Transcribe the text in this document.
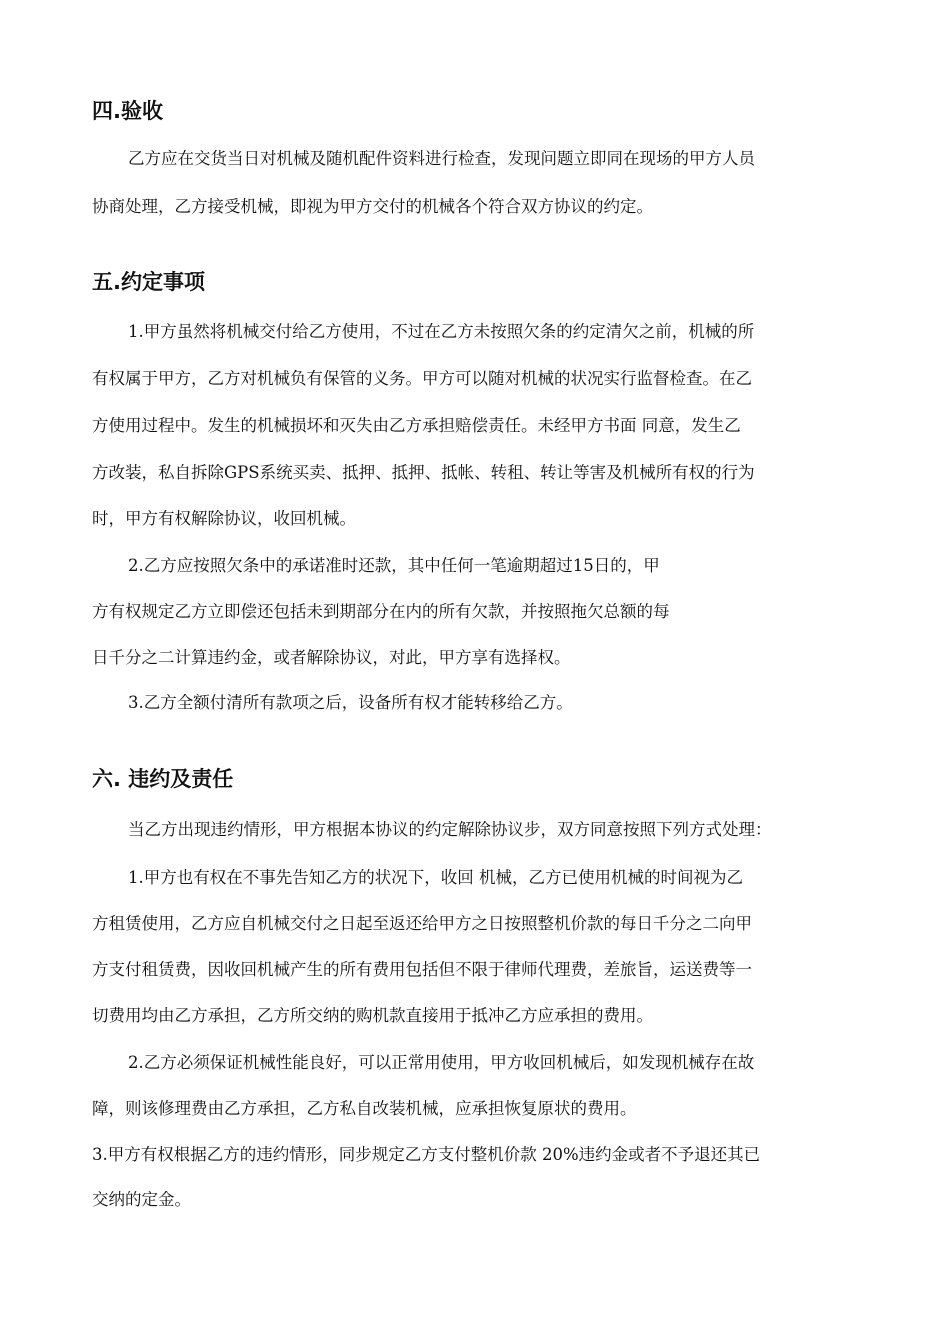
四.验收

乙方应在交货当日对机械及随机配件资料进行检查，发现问题立即同在现场的甲方人员

协商处理，乙方接受机械，即视为甲方交付的机械各个符合双方协议的约定。

五.约定事项

1.甲方虽然将机械交付给乙方使用，不过在乙方未按照欠条的约定清欠之前，机械的所

有权属于甲方，乙方对机械负有保管的义务。甲方可以随对机械的状况实行监督检查。在乙

方使用过程中。发生的机械损坏和灭失由乙方承担赔偿责任。未经甲方书面 同意，发生乙

方改装，私自拆除GPS系统买卖、抵押、抵押、抵帐、转租、转让等害及机械所有权的行为

时，甲方有权解除协议，收回机械。

2.乙方应按照欠条中的承诺准时还款，其中任何一笔逾期超过15日的，甲

方有权规定乙方立即偿还包括未到期部分在内的所有欠款，并按照拖欠总额的每

日千分之二计算违约金，或者解除协议，对此，甲方享有选择权。

3.乙方全额付清所有款项之后，设备所有权才能转移给乙方。

六. 违约及责任

当乙方出现违约情形，甲方根据本协议的约定解除协议步，双方同意按照下列方式处理：

1.甲方也有权在不事先告知乙方的状况下，收回 机械，乙方已使用机械的时间视为乙

方租赁使用，乙方应自机械交付之日起至返还给甲方之日按照整机价款的每日千分之二向甲

方支付租赁费，因收回机械产生的所有费用包括但不限于律师代理费，差旅旨，运送费等一

切费用均由乙方承担，乙方所交纳的购机款直接用于抵冲乙方应承担的费用。

2.乙方必须保证机械性能良好，可以正常用使用，甲方收回机械后，如发现机械存在故

障，则该修理费由乙方承担，乙方私自改装机械，应承担恢复原状的费用。

3.甲方有权根据乙方的违约情形，同步规定乙方支付整机价款 20%违约金或者不予退还其已

交纳的定金。
